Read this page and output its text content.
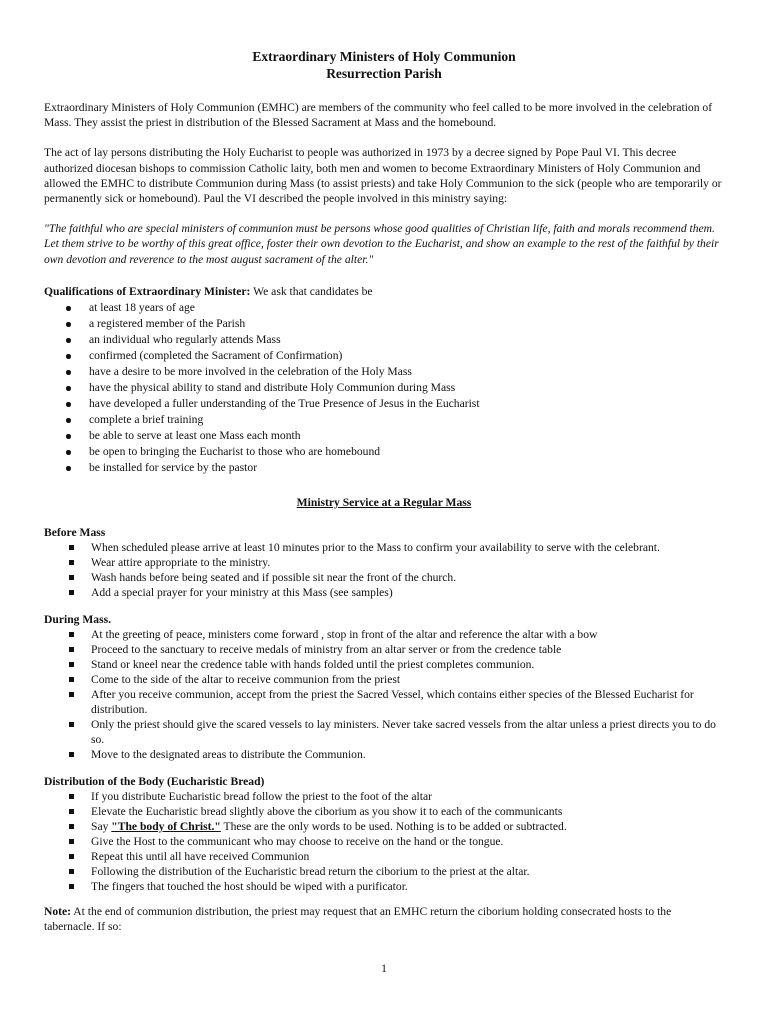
Extraordinary Ministers of Holy Communion
Resurrection Parish

Extraordinary Ministers of Holy Communion (EMHC) are members of the community who feel called to be more involved in the celebration of Mass. They assist the priest in distribution of the Blessed Sacrament at Mass and the homebound.

The act of lay persons distributing the Holy Eucharist to people was authorized in 1973 by a decree signed by Pope Paul VI. This decree authorized diocesan bishops to commission Catholic laity, both men and women to become Extraordinary Ministers of Holy Communion and allowed the EMHC to distribute Communion during Mass (to assist priests) and take Holy Communion to the sick (people who are temporarily or permanently sick or homebound). Paul the VI described the people involved in this ministry saying:

"The faithful who are special ministers of communion must be persons whose good qualities of Christian life, faith and morals recommend them. Let them strive to be worthy of this great office, foster their own devotion to the Eucharist, and show an example to the rest of the faithful by their own devotion and reverence to the most august sacrament of the alter."

Qualifications of Extraordinary Minister: We ask that candidates be

at least 18 years of age
a registered member of the Parish
an individual who regularly attends Mass
confirmed (completed the Sacrament of Confirmation)
have a desire to be more involved in the celebration of the Holy Mass
have the physical ability to stand and distribute Holy Communion during Mass
have developed a fuller understanding of the True Presence of Jesus in the Eucharist
complete a brief training
be able to serve at least one Mass each month
be open to bringing the Eucharist to those who are homebound
be installed for service by the pastor
Ministry Service at a Regular Mass
Before Mass
When scheduled please arrive at least 10 minutes prior to the Mass to confirm your availability to serve with the celebrant.
Wear attire appropriate to the ministry.
Wash hands before being seated and if possible sit near the front of the church.
Add a special prayer for your ministry at this Mass (see samples)
During Mass.
At the greeting of peace, ministers come forward , stop in front of the altar and reference the altar with a bow
Proceed to the sanctuary to receive medals of ministry from an altar server or from the credence table
Stand or kneel near the credence table with hands folded until the priest completes communion.
Come to the side of the altar to receive communion from the priest
After you receive communion, accept from the priest the Sacred Vessel, which contains either species of the Blessed Eucharist for distribution.
Only the priest should give the scared vessels to lay ministers. Never take sacred vessels from the altar unless a priest directs you to do so.
Move to the designated areas to distribute the Communion.
Distribution of the Body (Eucharistic Bread)
If you distribute Eucharistic bread follow the priest to the foot of the altar
Elevate the Eucharistic bread slightly above the ciborium as you show it to each of the communicants
Say "The body of Christ." These are the only words to be used. Nothing is to be added or subtracted.
Give the Host to the communicant who may choose to receive on the hand or the tongue.
Repeat this until all have received Communion
Following the distribution of the Eucharistic bread return the ciborium to the priest at the altar.
The fingers that touched the host should be wiped with a purificator.

Note: At the end of communion distribution, the priest may request that an EMHC return the ciborium holding consecrated hosts to the tabernacle. If so:

1
